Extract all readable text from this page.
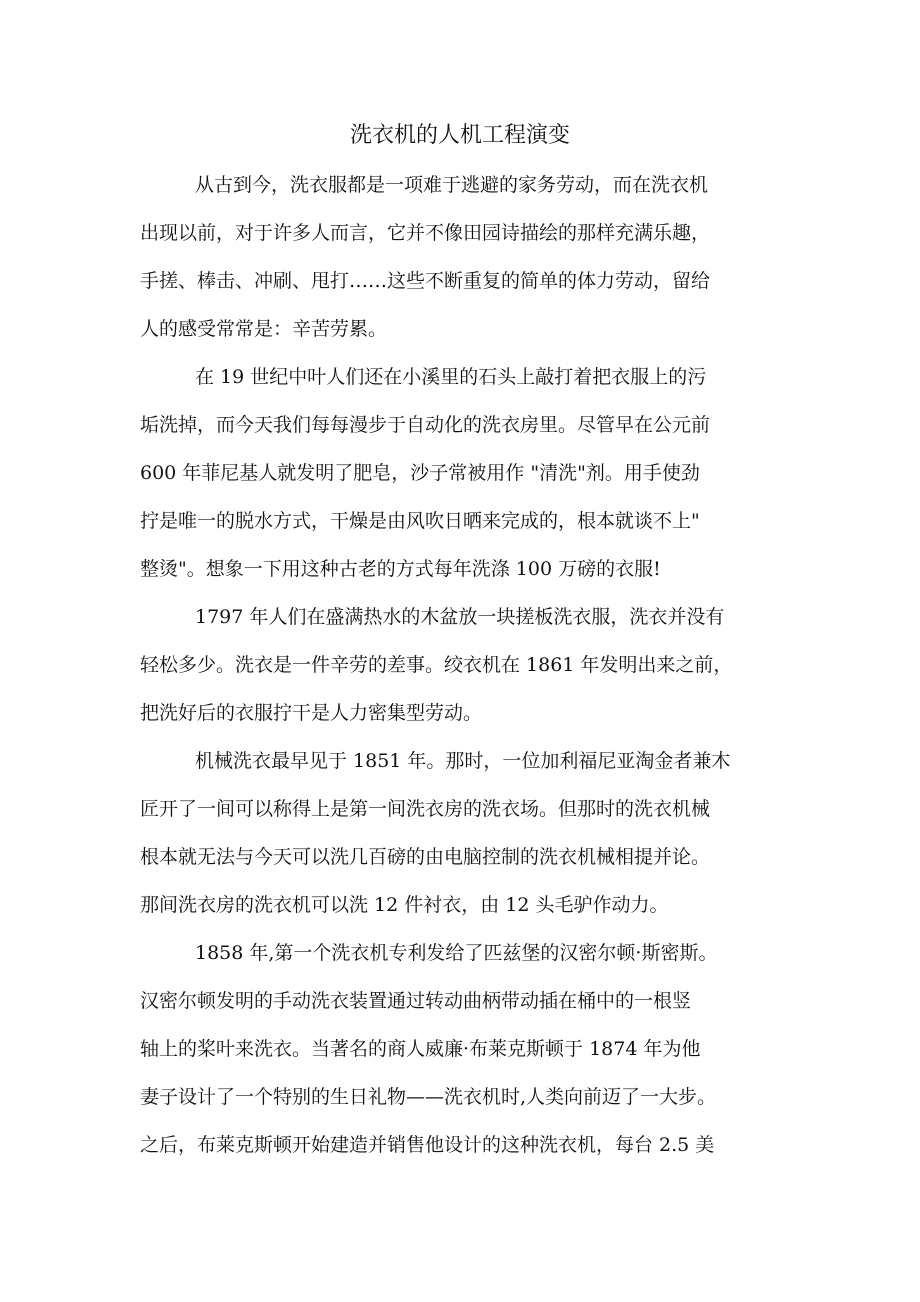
洗衣机的人机工程演变
从古到今，洗衣服都是一项难于逃避的家务劳动，而在洗衣机
出现以前，对于许多人而言，它并不像田园诗描绘的那样充满乐趣，
手搓、棒击、冲刷、甩打……这些不断重复的简单的体力劳动，留给
人的感受常常是：辛苦劳累。
在 19 世纪中叶人们还在小溪里的石头上敲打着把衣服上的污
垢洗掉，而今天我们每每漫步于自动化的洗衣房里。尽管早在公元前
600 年菲尼基人就发明了肥皂，沙子常被用作 "清洗"剂。用手使劲
拧是唯一的脱水方式，干燥是由风吹日晒来完成的，根本就谈不上"
整烫"。想象一下用这种古老的方式每年洗涤 100 万磅的衣服!
1797 年人们在盛满热水的木盆放一块搓板洗衣服，洗衣并没有
轻松多少。洗衣是一件辛劳的差事。绞衣机在 1861 年发明出来之前，
把洗好后的衣服拧干是人力密集型劳动。
机械洗衣最早见于 1851 年。那时，一位加利福尼亚淘金者兼木
匠开了一间可以称得上是第一间洗衣房的洗衣场。但那时的洗衣机械
根本就无法与今天可以洗几百磅的由电脑控制的洗衣机械相提并论。
那间洗衣房的洗衣机可以洗 12 件衬衣，由 12 头毛驴作动力。
1858 年,第一个洗衣机专利发给了匹兹堡的汉密尔顿·斯密斯。
汉密尔顿发明的手动洗衣装置通过转动曲柄带动插在桶中的一根竖
轴上的桨叶来洗衣。当著名的商人威廉·布莱克斯顿于 1874 年为他
妻子设计了一个特别的生日礼物——洗衣机时,人类向前迈了一大步。
之后，布莱克斯顿开始建造并销售他设计的这种洗衣机，每台 2.5 美
